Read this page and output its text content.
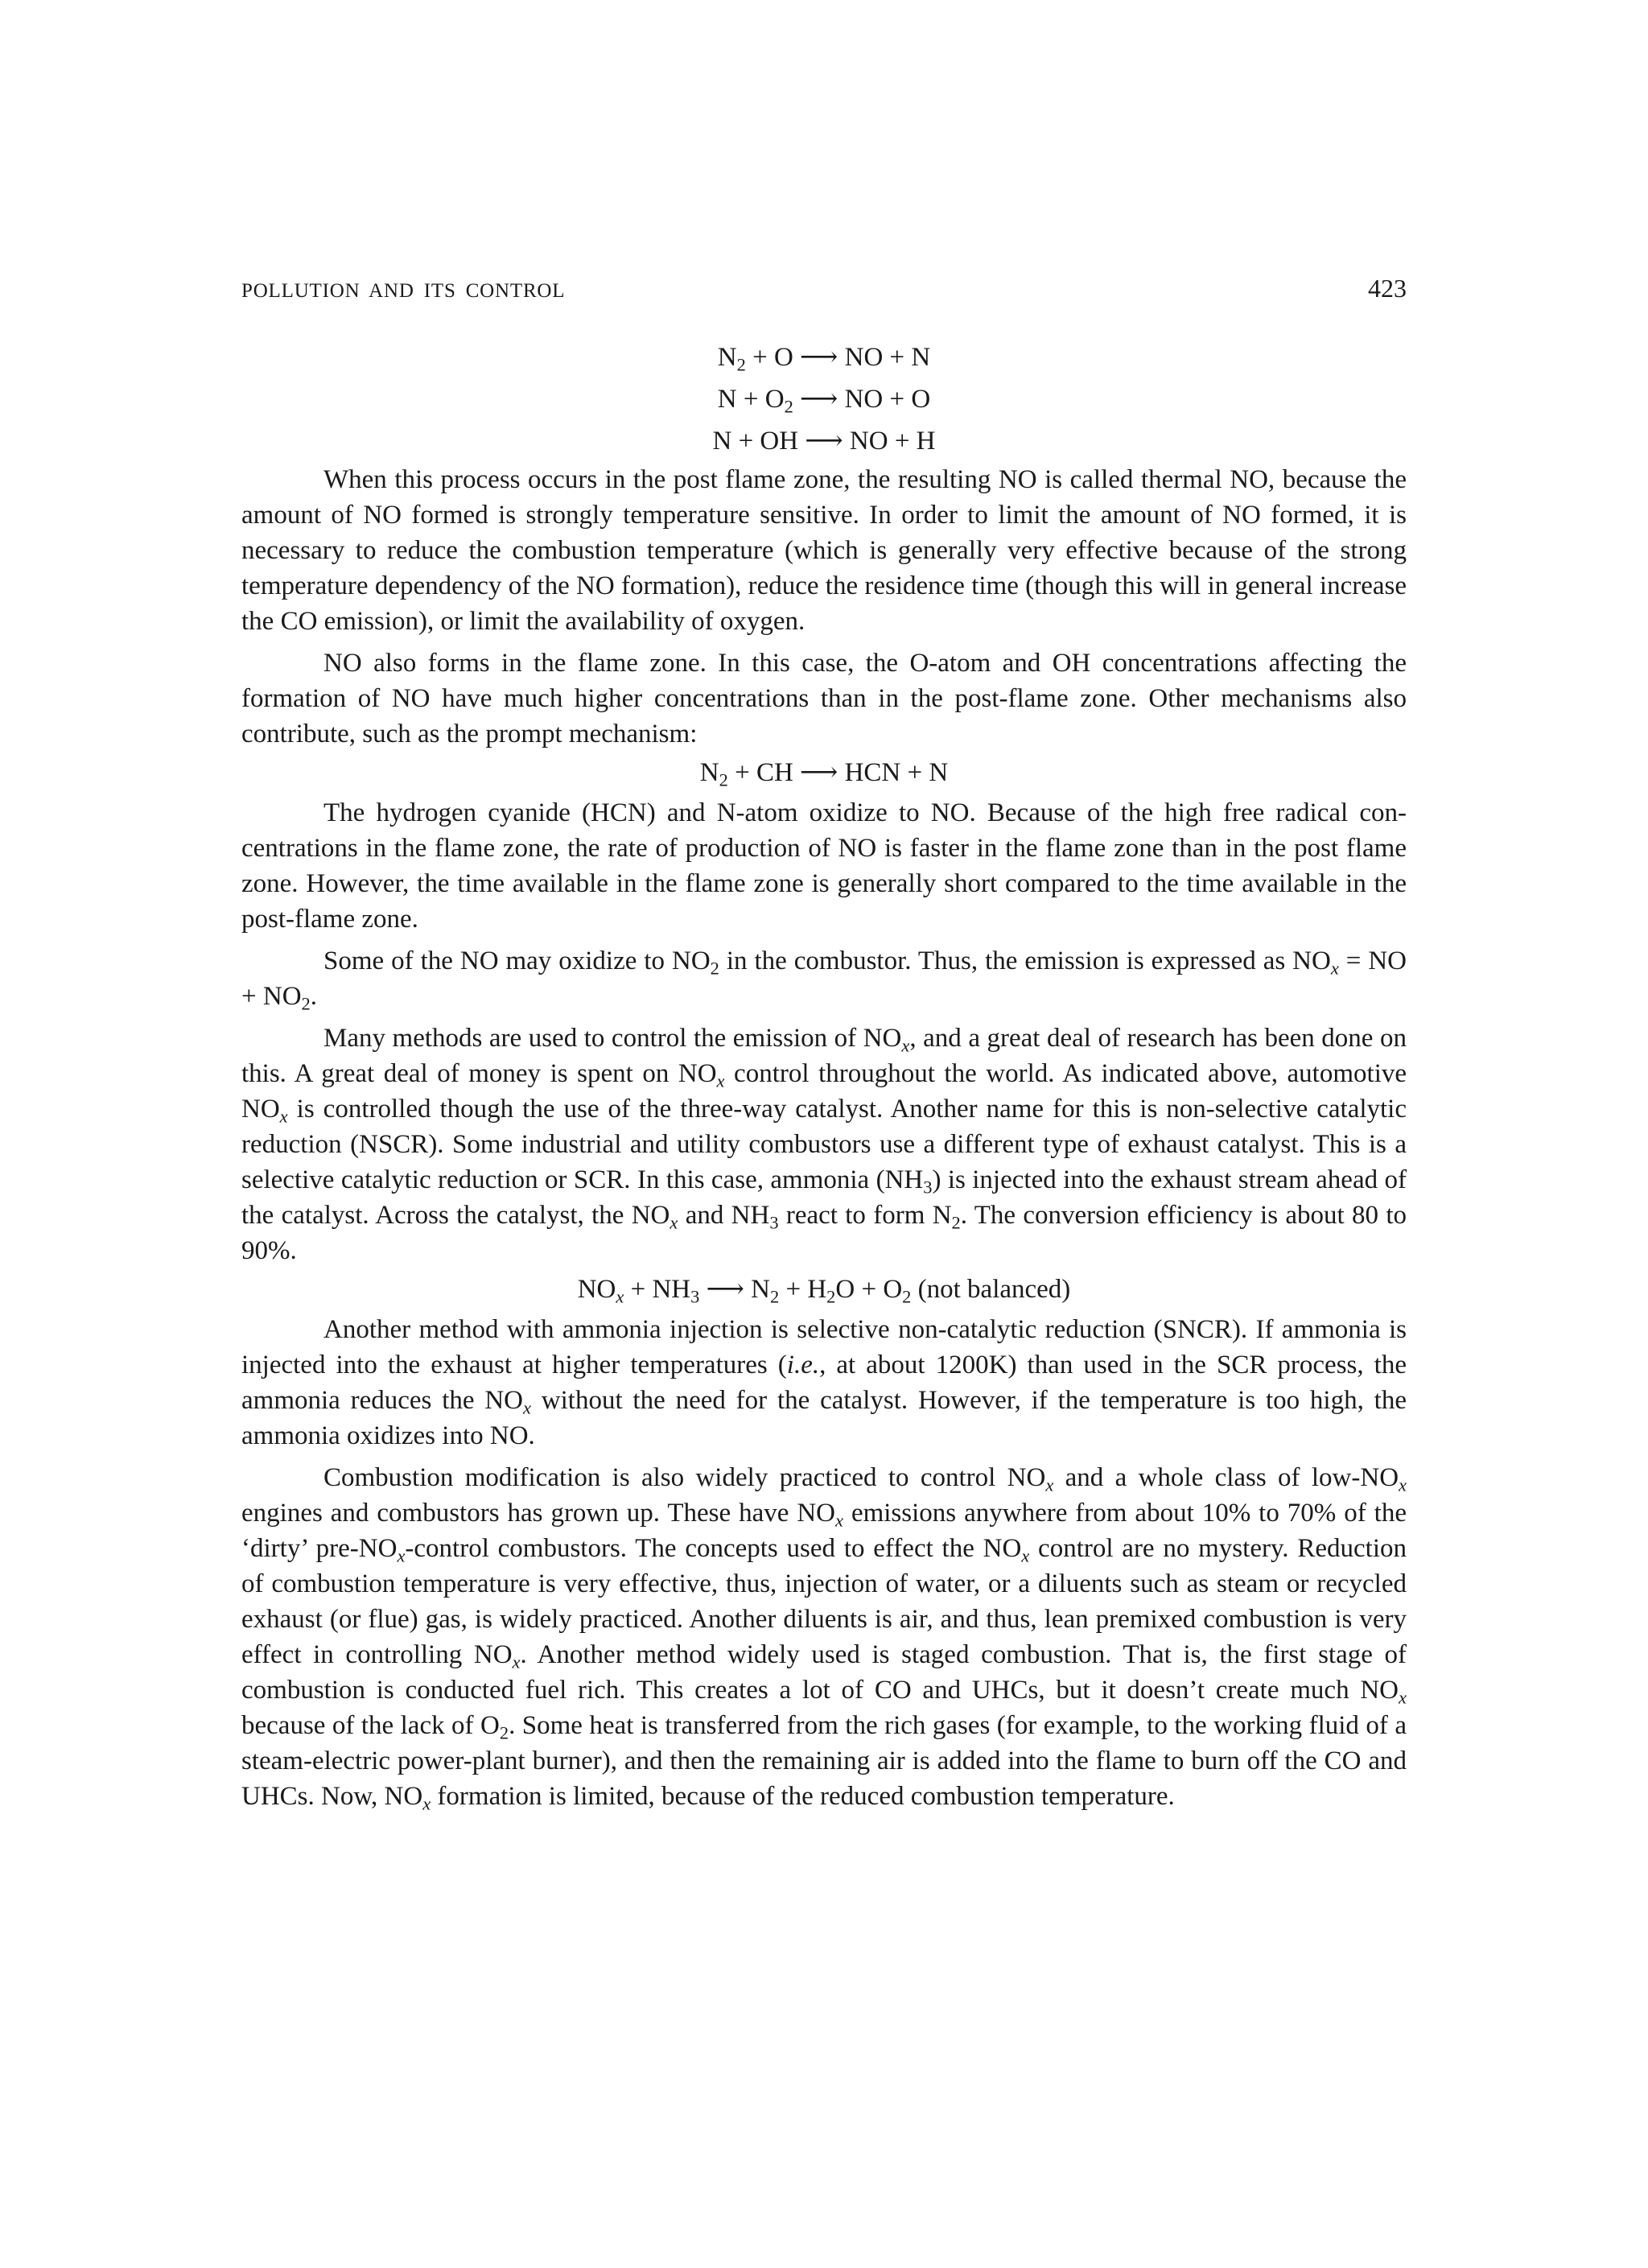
POLLUTION AND ITS CONTROL	423
$N_2 + O$ ⟶ NO + N
$N + O_2$ ⟶ NO + O
N + OH ⟶ NO + H

When this process occurs in the post flame zone, the resulting NO is called thermal NO, because the amount of NO formed is strongly temperature sensitive. In order to limit the amount of NO formed, it is necessary to reduce the combustion temperature (which is generally very effective because of the strong temperature dependency of the NO formation), reduce the residence time (though this will in general increase the CO emission), or limit the availability of oxygen.

NO also forms in the flame zone. In this case, the O-atom and OH concentrations affecting the formation of NO have much higher concentrations than in the post-flame zone. Other mechanisms also contribute, such as the prompt mechanism:

$N_2$ + CH ⟶ HCN + N

The hydrogen cyanide (HCN) and N-atom oxidize to NO. Because of the high free radical concentrations in the flame zone, the rate of production of NO is faster in the flame zone than in the post flame zone. However, the time available in the flame zone is generally short compared to the time available in the post-flame zone.

Some of the NO may oxidize to $NO_2$ in the combustor. Thus, the emission is expressed as $NO_x$ = NO + $NO_2$.

Many methods are used to control the emission of $NO_x$, and a great deal of research has been done on this. A great deal of money is spent on $NO_x$ control throughout the world. As indicated above, automotive $NO_x$ is controlled though the use of the three-way catalyst. Another name for this is non-selective catalytic reduction (NSCR). Some industrial and utility combustors use a different type of exhaust catalyst. This is a selective catalytic reduction or SCR. In this case, ammonia $(NH_3)$ is injected into the exhaust stream ahead of the catalyst. Across the catalyst, the $NO_x$ and $NH_3$ react to form $N_2$. The conversion efficiency is about 80 to 90%.

$NO_x + NH_3$ ⟶ $N_2 + H_2O + O_2$ (not balanced)

Another method with ammonia injection is selective non-catalytic reduction (SNCR). If ammonia is injected into the exhaust at higher temperatures (i.e., at about 1200K) than used in the SCR process, the ammonia reduces the $NO_x$ without the need for the catalyst. However, if the temperature is too high, the ammonia oxidizes into NO.

Combustion modification is also widely practiced to control $NO_x$ and a whole class of low-$NO_x$ engines and combustors has grown up. These have $NO_x$ emissions anywhere from about 10% to 70% of the ‘dirty’ pre-$NO_x$-control combustors. The concepts used to effect the $NO_x$ control are no mystery. Reduction of combustion temperature is very effective, thus, injection of water, or a diluents such as steam or recycled exhaust (or flue) gas, is widely practiced. Another diluents is air, and thus, lean premixed combustion is very effect in controlling $NO_x$. Another method widely used is staged combustion. That is, the first stage of combustion is conducted fuel rich. This creates a lot of CO and UHCs, but it doesn’t create much $NO_x$ because of the lack of $O_2$. Some heat is transferred from the rich gases (for example, to the working fluid of a steam-electric power-plant burner), and then the remaining air is added into the flame to burn off the CO and UHCs. Now, $NO_x$ formation is limited, because of the reduced combustion temperature.
